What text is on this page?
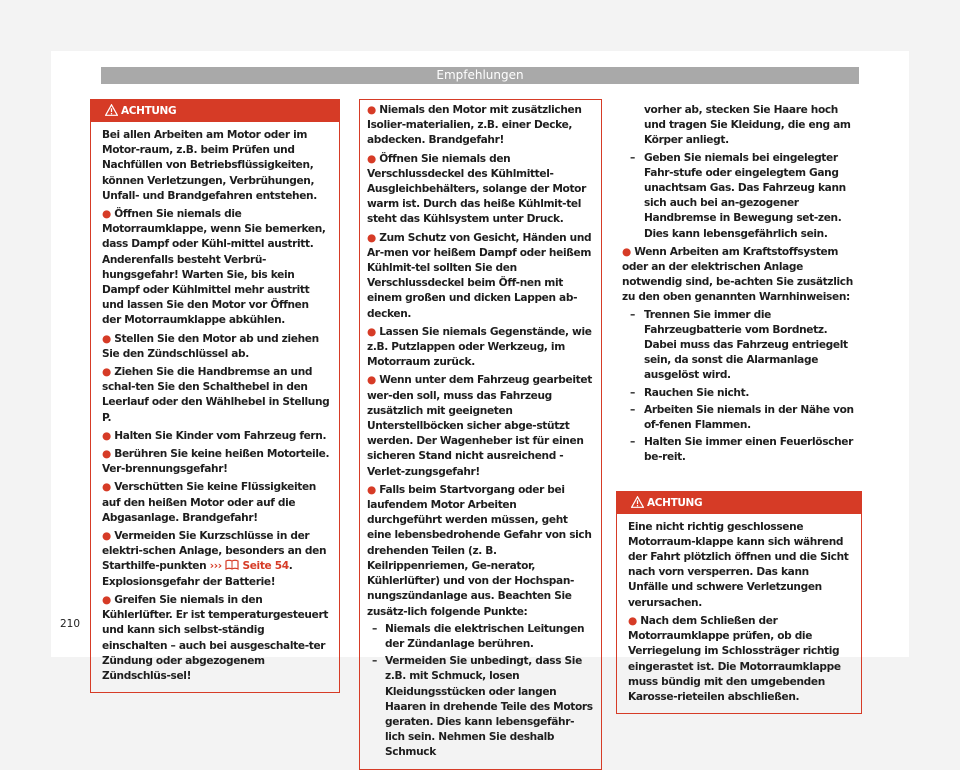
Empfehlungen
ACHTUNG

Bei allen Arbeiten am Motor oder im Motor-raum, z.B. beim Prüfen und Nachfüllen von Betriebsflüssigkeiten, können Verletzungen, Verbrühungen, Unfall- und Brandgefahren entstehen.

● Öffnen Sie niemals die Motorraumklappe, wenn Sie bemerken, dass Dampf oder Kühl-mittel austritt. Anderenfalls besteht Verbrü-hungsgefahr! Warten Sie, bis kein Dampf oder Kühlmittel mehr austritt und lassen Sie den Motor vor Öffnen der Motorraumklappe abkühlen.

● Stellen Sie den Motor ab und ziehen Sie den Zündschlüssel ab.

● Ziehen Sie die Handbremse an und schal-ten Sie den Schalthebel in den Leerlauf oder den Wählhebel in Stellung P.

● Halten Sie Kinder vom Fahrzeug fern.

● Berühren Sie keine heißen Motorteile. Ver-brennungsgefahr!

● Verschütten Sie keine Flüssigkeiten auf den heißen Motor oder auf die Abgasanlage. Brandgefahr!

● Vermeiden Sie Kurzschlüsse in der elektri-schen Anlage, besonders an den Starthilfe-punkten ››› Seite 54. Explosionsgefahr der Batterie!

● Greifen Sie niemals in den Kühlerlüfter. Er ist temperaturgesteuert und kann sich selbst-ständig einschalten – auch bei ausgeschalte-ter Zündung oder abgezogenem Zündschlüs-sel!

● Niemals den Motor mit zusätzlichen Isolier-materialien, z.B. einer Decke, abdecken. Brandgefahr!

● Öffnen Sie niemals den Verschlussdeckel des Kühlmittel-Ausgleichbehälters, solange der Motor warm ist. Durch das heiße Kühlmit-tel steht das Kühlsystem unter Druck.

● Zum Schutz von Gesicht, Händen und Ar-men vor heißem Dampf oder heißem Kühlmit-tel sollten Sie den Verschlussdeckel beim Öff-nen mit einem großen und dicken Lappen ab-decken.

● Lassen Sie niemals Gegenstände, wie z.B. Putzlappen oder Werkzeug, im Motorraum zurück.

● Wenn unter dem Fahrzeug gearbeitet wer-den soll, muss das Fahrzeug zusätzlich mit geeigneten Unterstellböcken sicher abge-stützt werden. Der Wagenheber ist für einen sicheren Stand nicht ausreichend - Verlet-zungsgefahr!

● Falls beim Startvorgang oder bei laufendem Motor Arbeiten durchgeführt werden müssen, geht eine lebensbedrohende Gefahr von sich drehenden Teilen (z. B. Keilrippenriemen, Ge-nerator, Kühlerlüfter) und von der Hochspan-nungszündanlage aus. Beachten Sie zusätz-lich folgende Punkte:

– Niemals die elektrischen Leitungen der Zündanlage berühren.

– Vermeiden Sie unbedingt, dass Sie z.B. mit Schmuck, losen Kleidungsstücken oder langen Haaren in drehende Teile des Motors geraten. Dies kann lebensgefähr-lich sein. Nehmen Sie deshalb Schmuck

vorher ab, stecken Sie Haare hoch und tragen Sie Kleidung, die eng am Körper anliegt.

– Geben Sie niemals bei eingelegter Fahr-stufe oder eingelegtem Gang unachtsam Gas. Das Fahrzeug kann sich auch bei an-gezogener Handbremse in Bewegung set-zen. Dies kann lebensgefährlich sein.

● Wenn Arbeiten am Kraftstoffsystem oder an der elektrischen Anlage notwendig sind, be-achten Sie zusätzlich zu den oben genannten Warnhinweisen:

– Trennen Sie immer die Fahrzeugbatterie vom Bordnetz. Dabei muss das Fahrzeug entriegelt sein, da sonst die Alarmanlage ausgelöst wird.

– Rauchen Sie nicht.

– Arbeiten Sie niemals in der Nähe von of-fenen Flammen.

– Halten Sie immer einen Feuerlöscher be-reit.

ACHTUNG

Eine nicht richtig geschlossene Motorraum-klappe kann sich während der Fahrt plötzlich öffnen und die Sicht nach vorn versperren. Das kann Unfälle und schwere Verletzungen verursachen.

● Nach dem Schließen der Motorraumklappe prüfen, ob die Verriegelung im Schlossträger richtig eingerastet ist. Die Motorraumklappe muss bündig mit den umgebenden Karosse-rieteilen abschließen.

210
